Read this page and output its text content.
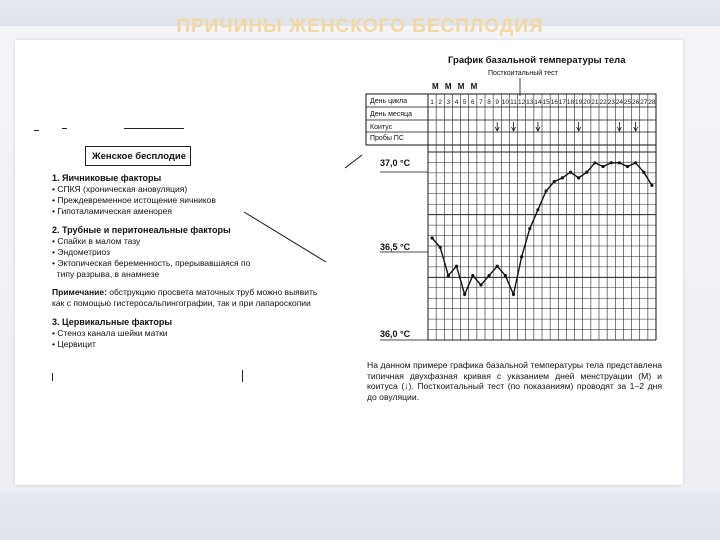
ПРИЧИНЫ ЖЕНСКОГО БЕСПЛОДИЯ
Женское бесплодие

1. Яичниковые факторы

• СПКЯ (хроническая ановуляция)

• Преждевременное истощение яичников

• Гипоталамическая аменорея

2. Трубные и перитонеальные факторы

• Спайки в малом тазу

• Эндометриоз

• Эктопическая беременность, прерывавшаяся по

типу разрыва, в анамнезе

Примечание: обструкцию просвета маточных труб можно выявить как с помощью гистеросальпингографии, так и при лапароскопии

3. Цервикальные факторы

• Стеноз канала шейки матки

• Цервицит

График базальной температуры тела
Посткоитальный тест
М М М М
День цикла
День месяца
Коитус
Пробы ПС
37,0 °С
36,5 °С
36,0 °С
1 2 3 4 5 6 7 8 9 10 11 12 13 14 15 16 17 18 19 20 21 22 23 24 25 26 27 28
На данном примере графика базальной температуры тела представлена типичная двухфазная кривая с указанием дней менструации (М) и коитуса (↓). Посткоитальный тест (по показаниям) проводят за 1–2 дня до овуляции.
